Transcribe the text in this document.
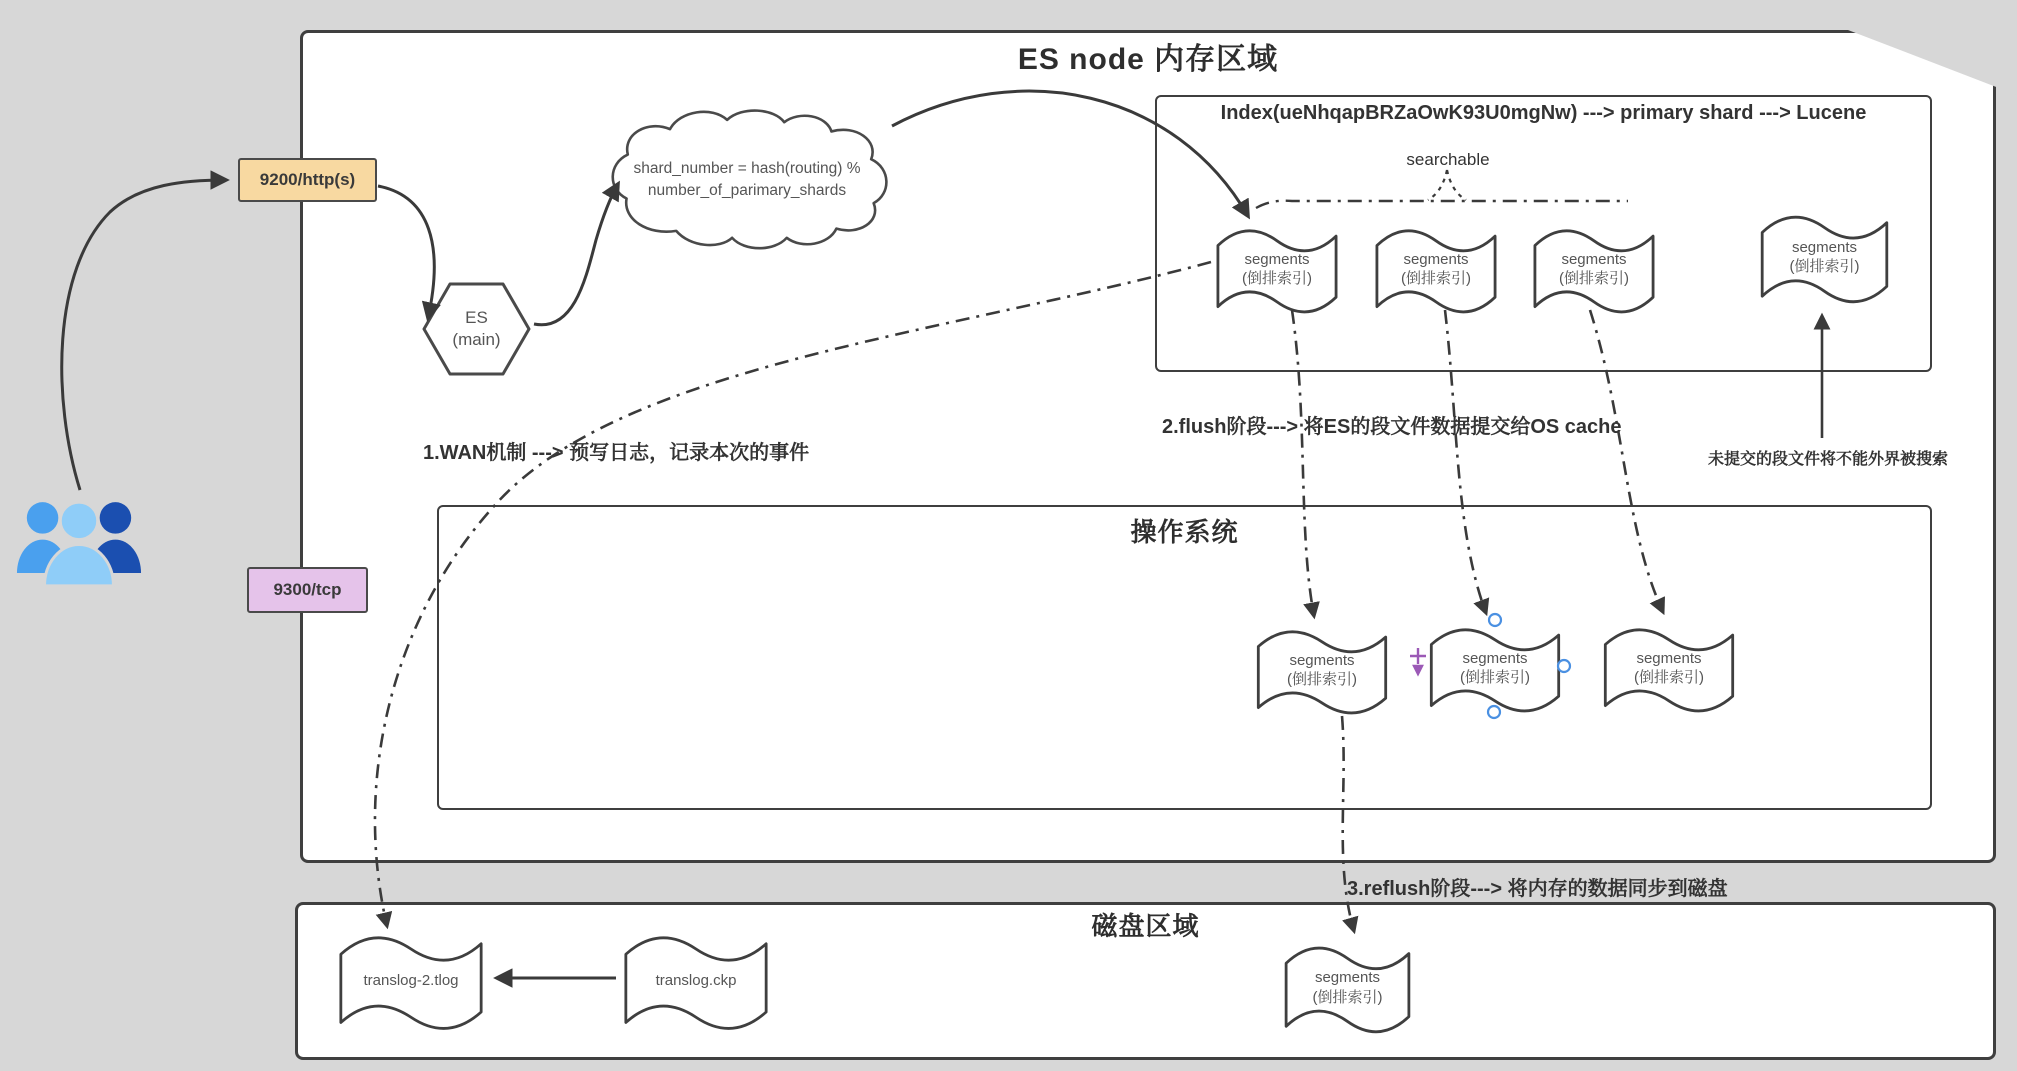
ES node 内存区域
Index(ueNhqapBRZaOwK93U0mgNw) ---> primary shard ---> Lucene
searchable
操作系统
磁盘区域
9200/http(s)
9300/tcp
ES
(main)
shard_number = hash(routing) %
number_of_parimary_shards
segments
(倒排索引)
segments
(倒排索引)
segments
(倒排索引)
segments
(倒排索引)
segments
(倒排索引)
segments
(倒排索引)
segments
(倒排索引)
segments
(倒排索引)
translog-2.tlog	translog.ckp
1.WAN机制 ---> 预写日志，记录本次的事件
2.flush阶段---> 将ES的段文件数据提交给OS cache
未提交的段文件将不能外界被搜索
3.reflush阶段---> 将内存的数据同步到磁盘
